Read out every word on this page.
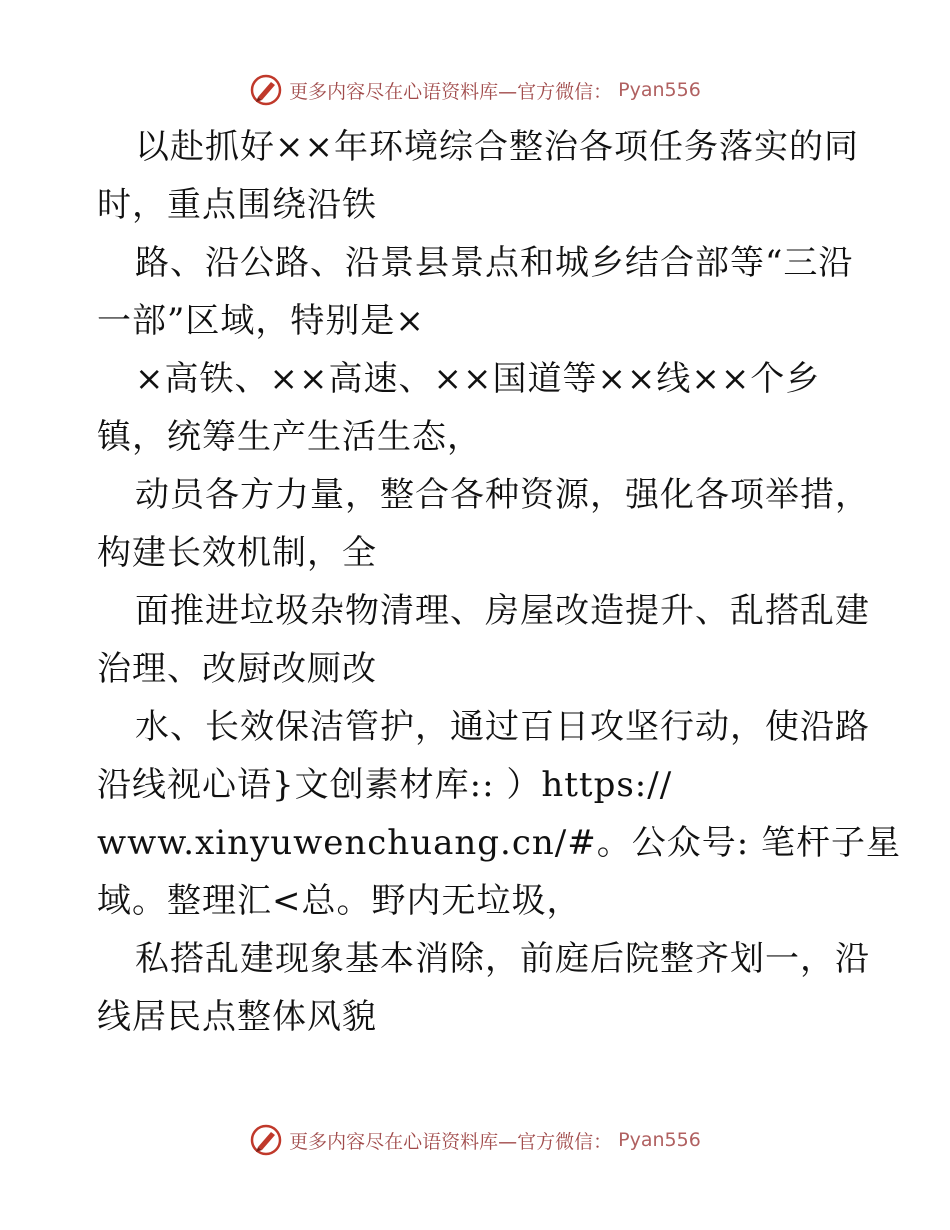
更多内容尽在心语资料库—官方微信： Pyan556
以赴抓好××年环境综合整治各项任务落实的同
时，重点围绕沿铁
路、沿公路、沿景县景点和城乡结合部等“三沿
一部”区域，特别是×
×高铁、××高速、××国道等××线××个乡
镇，统筹生产生活生态，
动员各方力量，整合各种资源，强化各项举措，
构建长效机制，全
面推进垃圾杂物清理、房屋改造提升、乱搭乱建
治理、改厨改厕改
水、长效保洁管护，通过百日攻坚行动，使沿路
沿线视心语}文创素材库:: ）https://
www.xinyuwenchuang.cn/#。公众号: 笔杆子星
域。整理汇<总。野内无垃圾，
私搭乱建现象基本消除，前庭后院整齐划一，沿
线居民点整体风貌
更多内容尽在心语资料库—官方微信： Pyan556
